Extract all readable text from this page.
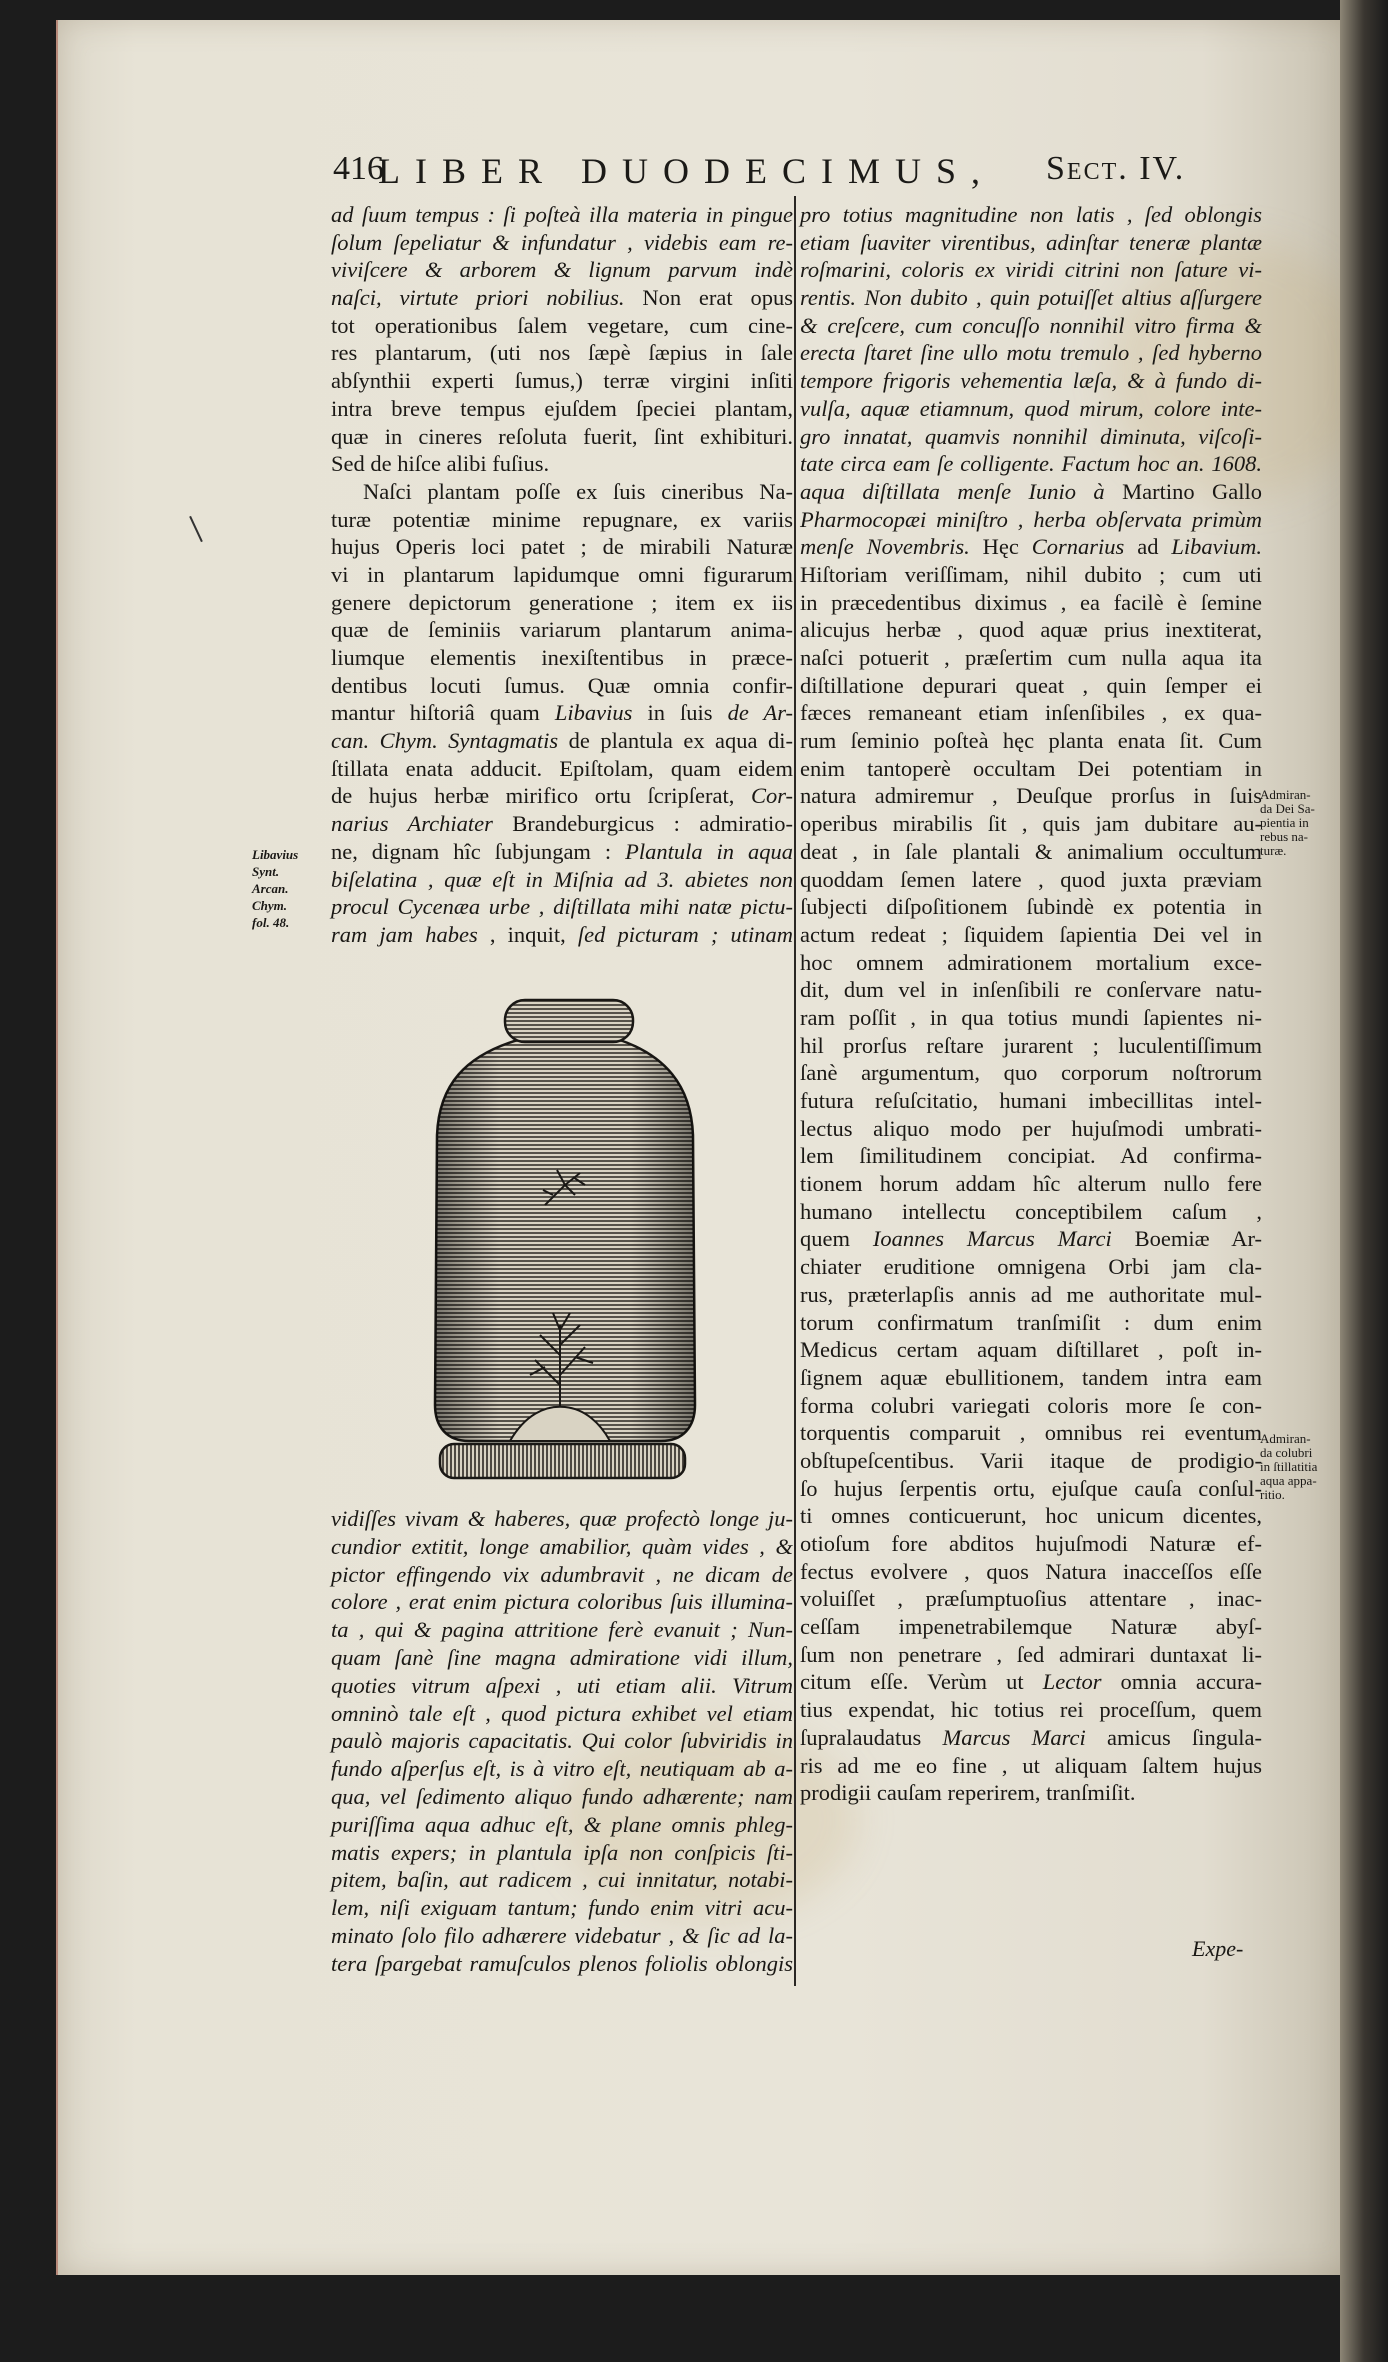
416
LIBER DUODECIMUS, Sect. IV.
ad ſuum tempus : ſi poſteà illa materia in pingue
ſolum ſepeliatur & infundatur , videbis eam re-
viviſcere & arborem & lignum parvum indè
naſci, virtute priori nobilius. Non erat opus
tot operationibus ſalem vegetare, cum cine-
res plantarum, (uti nos ſæpè ſæpius in ſale
abſynthii experti ſumus,) terræ virgini inſiti
intra breve tempus ejuſdem ſpeciei plantam,
quæ in cineres reſoluta fuerit, ſint exhibituri.
Sed de hiſce alibi fuſius.
Naſci plantam poſſe ex ſuis cineribus Na-
turæ potentiæ minime repugnare, ex variis
hujus Operis loci patet ; de mirabili Naturæ
vi in plantarum lapidumque omni figurarum
genere depictorum generatione ; item ex iis
quæ de ſeminiis variarum plantarum anima-
liumque elementis inexiſtentibus in præce-
dentibus locuti ſumus. Quæ omnia confir-
mantur hiſtoriâ quam Libavius in ſuis de Ar-
can. Chym. Syntagmatis de plantula ex aqua di-
ſtillata enata adducit. Epiſtolam, quam eidem
de hujus herbæ mirifico ortu ſcripſerat, Cor-
narius Archiater Brandeburgicus : admiratio-
ne, dignam hîc ſubjungam : Plantula in aqua
biſelatina , quæ eſt in Miſnia ad 3. abietes non
procul Cycenæa urbe , diſtillata mihi natæ pictu-
ram jam habes , inquit, ſed picturam ; utinam
vidiſſes vivam & haberes, quæ profectò longe ju-
cundior extitit, longe amabilior, quàm vides , &
pictor effingendo vix adumbravit , ne dicam de
colore , erat enim pictura coloribus ſuis illumina-
ta , qui & pagina attritione ferè evanuit ; Nun-
quam ſanè ſine magna admiratione vidi illum,
quoties vitrum aſpexi , uti etiam alii. Vitrum
omninò tale eſt , quod pictura exhibet vel etiam
paulò majoris capacitatis. Qui color ſubviridis in
fundo aſperſus eſt, is à vitro eſt, neutiquam ab a-
qua, vel ſedimento aliquo fundo adhærente; nam
puriſſima aqua adhuc eſt, & plane omnis phleg-
matis expers; in plantula ipſa non conſpicis ſti-
pitem, baſin, aut radicem , cui innitatur, notabi-
lem, niſi exiguam tantum; fundo enim vitri acu-
minato ſolo filo adhærere videbatur , & ſic ad la-
tera ſpargebat ramuſculos plenos foliolis oblongis
pro totius magnitudine non latis , ſed oblongis
etiam ſuaviter virentibus, adinſtar teneræ plantæ
roſmarini, coloris ex viridi citrini non ſature vi-
rentis. Non dubito , quin potuiſſet altius aſſurgere
& creſcere, cum concuſſo nonnihil vitro firma &
erecta ſtaret ſine ullo motu tremulo , ſed hyberno
tempore frigoris vehementia læſa, & à fundo di-
vulſa, aquæ etiamnum, quod mirum, colore inte-
gro innatat, quamvis nonnihil diminuta, viſcoſi-
tate circa eam ſe colligente. Factum hoc an. 1608.
aqua diſtillata menſe Iunio à Martino Gallo
Pharmocopæi miniſtro , herba obſervata primùm
menſe Novembris. Hęc Cornarius ad Libavium.
Hiſtoriam veriſſimam, nihil dubito ; cum uti
in præcedentibus diximus , ea facilè è ſemine
alicujus herbæ , quod aquæ prius inextiterat,
naſci potuerit , præſertim cum nulla aqua ita
diſtillatione depurari queat , quin ſemper ei
fæces remaneant etiam inſenſibiles , ex qua-
rum ſeminio poſteà hęc planta enata ſit. Cum
enim tantoperè occultam Dei potentiam in
natura admiremur , Deuſque prorſus in ſuis
operibus mirabilis ſit , quis jam dubitare au-
deat , in ſale plantali & animalium occultum
quoddam ſemen latere , quod juxta præviam
ſubjecti diſpoſitionem ſubindè ex potentia in
actum redeat ; ſiquidem ſapientia Dei vel in
hoc omnem admirationem mortalium exce-
dit, dum vel in inſenſibili re conſervare natu-
ram poſſit , in qua totius mundi ſapientes ni-
hil prorſus reſtare jurarent ; luculentiſſimum
ſanè argumentum, quo corporum noſtrorum
futura reſuſcitatio, humani imbecillitas intel-
lectus aliquo modo per hujuſmodi umbrati-
lem ſimilitudinem concipiat. Ad confirma-
tionem horum addam hîc alterum nullo fere
humano intellectu conceptibilem caſum ,
quem Ioannes Marcus Marci Boemiæ Ar-
chiater eruditione omnigena Orbi jam cla-
rus, præterlapſis annis ad me authoritate mul-
torum confirmatum tranſmiſit : dum enim
Medicus certam aquam diſtillaret , poſt in-
ſignem aquæ ebullitionem, tandem intra eam
forma colubri variegati coloris more ſe con-
torquentis comparuit , omnibus rei eventum
obſtupeſcentibus. Varii itaque de prodigio-
ſo hujus ſerpentis ortu, ejuſque cauſa conſul-
ti omnes conticuerunt, hoc unicum dicentes,
otioſum fore abditos hujuſmodi Naturæ ef-
fectus evolvere , quos Natura inacceſſos eſſe
voluiſſet , præſumptuoſius attentare , inac-
ceſſam impenetrabilemque Naturæ abyſ-
ſum non penetrare , ſed admirari duntaxat li-
citum eſſe. Verùm ut Lector omnia accura-
tius expendat, hic totius rei proceſſum, quem
ſupralaudatus Marcus Marci amicus ſingula-
ris ad me eo fine , ut aliquam ſaltem hujus
prodigii cauſam reperirem, tranſmiſit.
Libavius
Synt.
Arcan.
Chym.
fol. 48.
Admiran-
da Dei Sa-
pientia in
rebus na-
turæ.
Admiran-
da colubri
in ſtillatitia
aqua appa-
ritio.
Expe-
